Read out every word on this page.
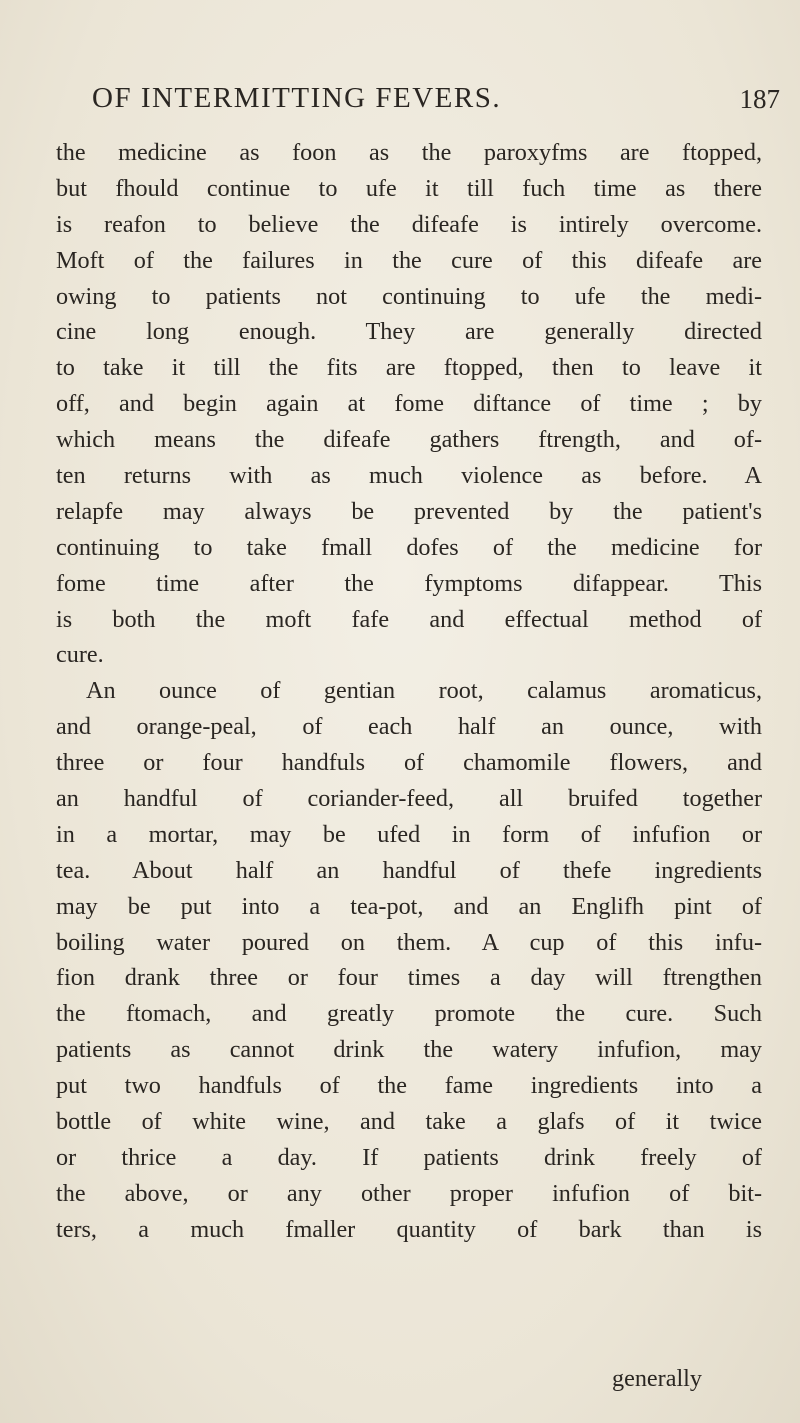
OF INTERMITTING FEVERS.	187
the medicine as foon as the paroxyfms are ftopped,
but fhould continue to ufe it till fuch time as there
is reafon to believe the difeafe is intirely overcome.
Moft of the failures in the cure of this difeafe are
owing to patients not continuing to ufe the medi-
cine long enough. They are generally directed
to take it till the fits are ftopped, then to leave it
off, and begin again at fome diftance of time ; by
which means the difeafe gathers ftrength, and of-
ten returns with as much violence as before. A
relapfe may always be prevented by the patient's
continuing to take fmall dofes of the medicine for
fome time after the fymptoms difappear. This
is both the moft fafe and effectual method of
cure.
An ounce of gentian root, calamus aromaticus,
and orange-peal, of each half an ounce, with
three or four handfuls of chamomile flowers, and
an handful of coriander-feed, all bruifed together
in a mortar, may be ufed in form of infufion or
tea. About half an handful of thefe ingredients
may be put into a tea-pot, and an Englifh pint of
boiling water poured on them. A cup of this infu-
fion drank three or four times a day will ftrengthen
the ftomach, and greatly promote the cure. Such
patients as cannot drink the watery infufion, may
put two handfuls of the fame ingredients into a
bottle of white wine, and take a glafs of it twice
or thrice a day. If patients drink freely of
the above, or any other proper infufion of bit-
ters, a much fmaller quantity of bark than is
generally
